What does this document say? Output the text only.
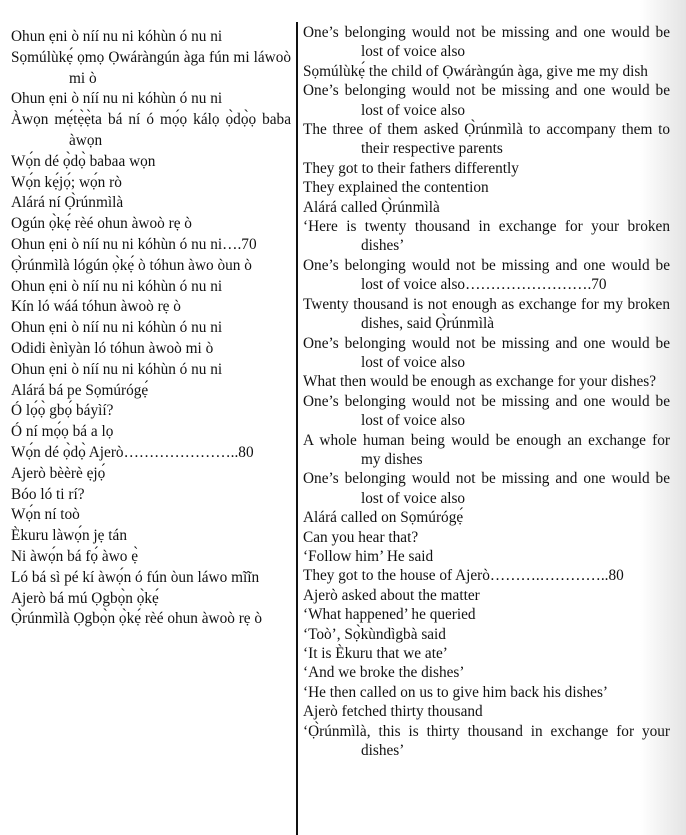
Ohun ẹni ò níí nu ni kóhùn ó nu ni
Sọmúlùkẹ́ ọmọ Ọwáràngún àga fún mi láwoò mi ò
Ohun ẹni ò níí nu ni kóhùn ó nu ni
Àwọn mẹ́tẹ̀ẹ̀ta bá ní ó mọ́ọ kálọ ọ̀dọ̀ọ baba àwọn
Wọ́n dé ọ̀dọ̀ babaa wọn
Wọ́n kẹ́jọ́; wọ́n rò
Alárá ní Ọ̀rúnmìlà
Ogún ọ̀kẹ́ rèé ohun àwoò rẹ ò
Ohun ẹni ò níí nu ni kóhùn ó nu ni….70
Ọ̀rúnmìlà lógún ọ̀kẹ́ ò tóhun àwo òun ò
Ohun ẹni ò níí nu ni kóhùn ó nu ni
Kín ló wáá tóhun àwoò rẹ ò
Ohun ẹni ò níí nu ni kóhùn ó nu ni
Odidi ènìyàn ló tóhun àwoò mi ò
Ohun ẹni ò níí nu ni kóhùn ó nu ni
Alárá bá pe Sọmúrógẹ́
Ó lọ́ọ̀ gbọ́ báyìí?
Ó ní mọ́ọ bá a lọ
Wọ́n dé ọ̀dọ̀ Ajerò…………………..80
Ajerò bèèrè ẹjọ́
Bóo ló ti rí?
Wọ́n ní toò
Èkuru làwọ́n jẹ tán
Ni àwọ́n bá fọ́ àwo ẹ̀
Ló bá sì pé kí àwọ́n ó fún òun láwo mĩĩn
Ajerò bá mú Ọgbọ̀n ọ̀kẹ́
Ọ̀rúnmìlà Ọgbọ̀n ọ̀kẹ́ rèé ohun àwoò rẹ ò
One’s belonging would not be missing and one would be lost of voice also
Sọmúlùkẹ́ the child of Ọwáràngún àga, give me my dish
One’s belonging would not be missing and one would be lost of voice also
The three of them asked Ọ̀rúnmìlà to accompany them to their respective parents
They got to their fathers differently
They explained the contention
Alárá called Ọ̀rúnmìlà
‘Here is twenty thousand in exchange for your broken dishes’
One’s belonging would not be missing and one would be lost of voice also…………………….70
Twenty thousand is not enough as exchange for my broken dishes, said Ọ̀rúnmìlà
One’s belonging would not be missing and one would be lost of voice also
What then would be enough as exchange for your dishes?
One’s belonging would not be missing and one would be lost of voice also
A whole human being would be enough an exchange for my dishes
One’s belonging would not be missing and one would be lost of voice also
Alárá called on Sọmúrógẹ́
Can you hear that?
‘Follow him’ He said
They got to the house of Ajerò……….…………..80
Ajerò asked about the matter
‘What happened’ he queried
‘Toò’, Sọ̀kùndìgbà said
‘It is Èkuru that we ate’
‘And we broke the dishes’
‘He then called on us to give him back his dishes’
Ajerò fetched thirty thousand
‘Ọ̀rúnmìlà, this is thirty thousand in exchange for your dishes’
